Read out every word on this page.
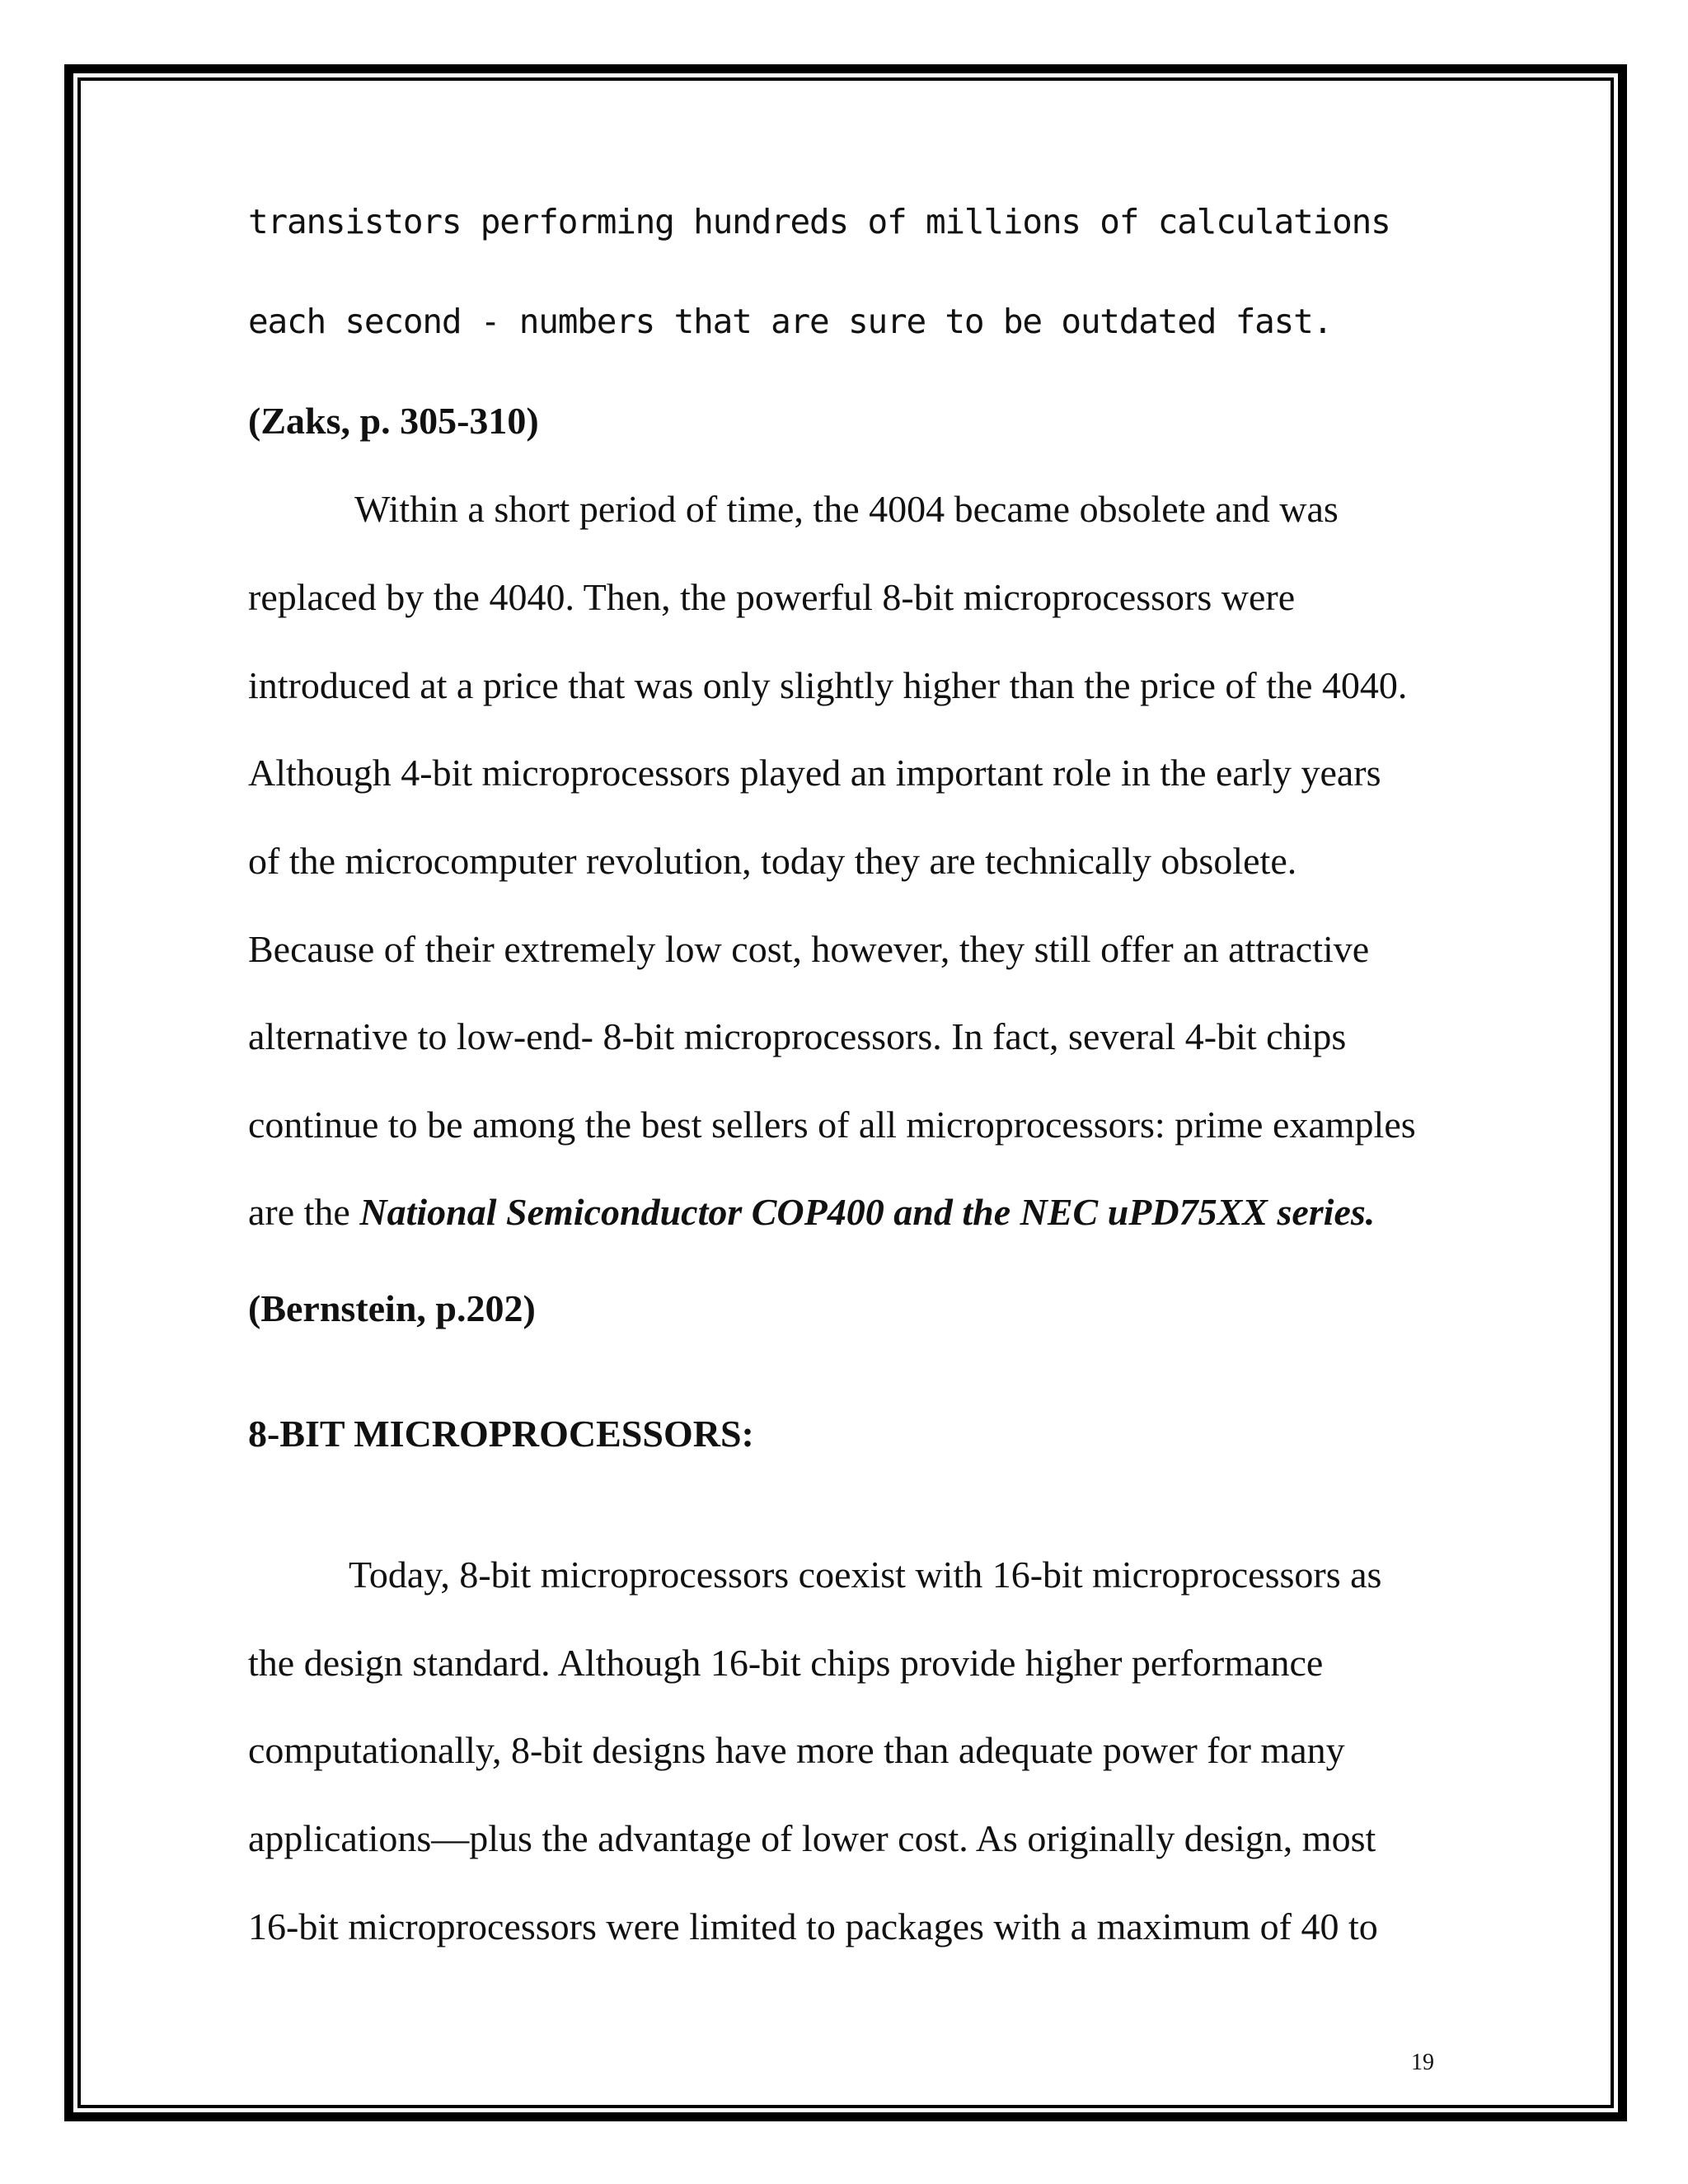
transistors performing hundreds of millions of calculations

each second - numbers that are sure to be outdated fast.

(Zaks, p. 305-310)

Within a short period of time, the 4004 became obsolete and was

replaced by the 4040. Then, the powerful 8-bit microprocessors were

introduced at a price that was only slightly higher than the price of the 4040.

Although 4-bit microprocessors played an important role in the early years

of the microcomputer revolution, today they are technically obsolete.

Because of their extremely low cost, however, they still offer an attractive

alternative to low-end- 8-bit microprocessors. In fact, several 4-bit chips

continue to be among the best sellers of all microprocessors: prime examples

are the National Semiconductor COP400 and the NEC uPD75XX series.

(Bernstein, p.202)

8-BIT MICROPROCESSORS:

Today, 8-bit microprocessors coexist with 16-bit microprocessors as

the design standard. Although 16-bit chips provide higher performance

computationally, 8-bit designs have more than adequate power for many

applications—plus the advantage of lower cost. As originally design, most

16-bit microprocessors were limited to packages with a maximum of 40 to

19
